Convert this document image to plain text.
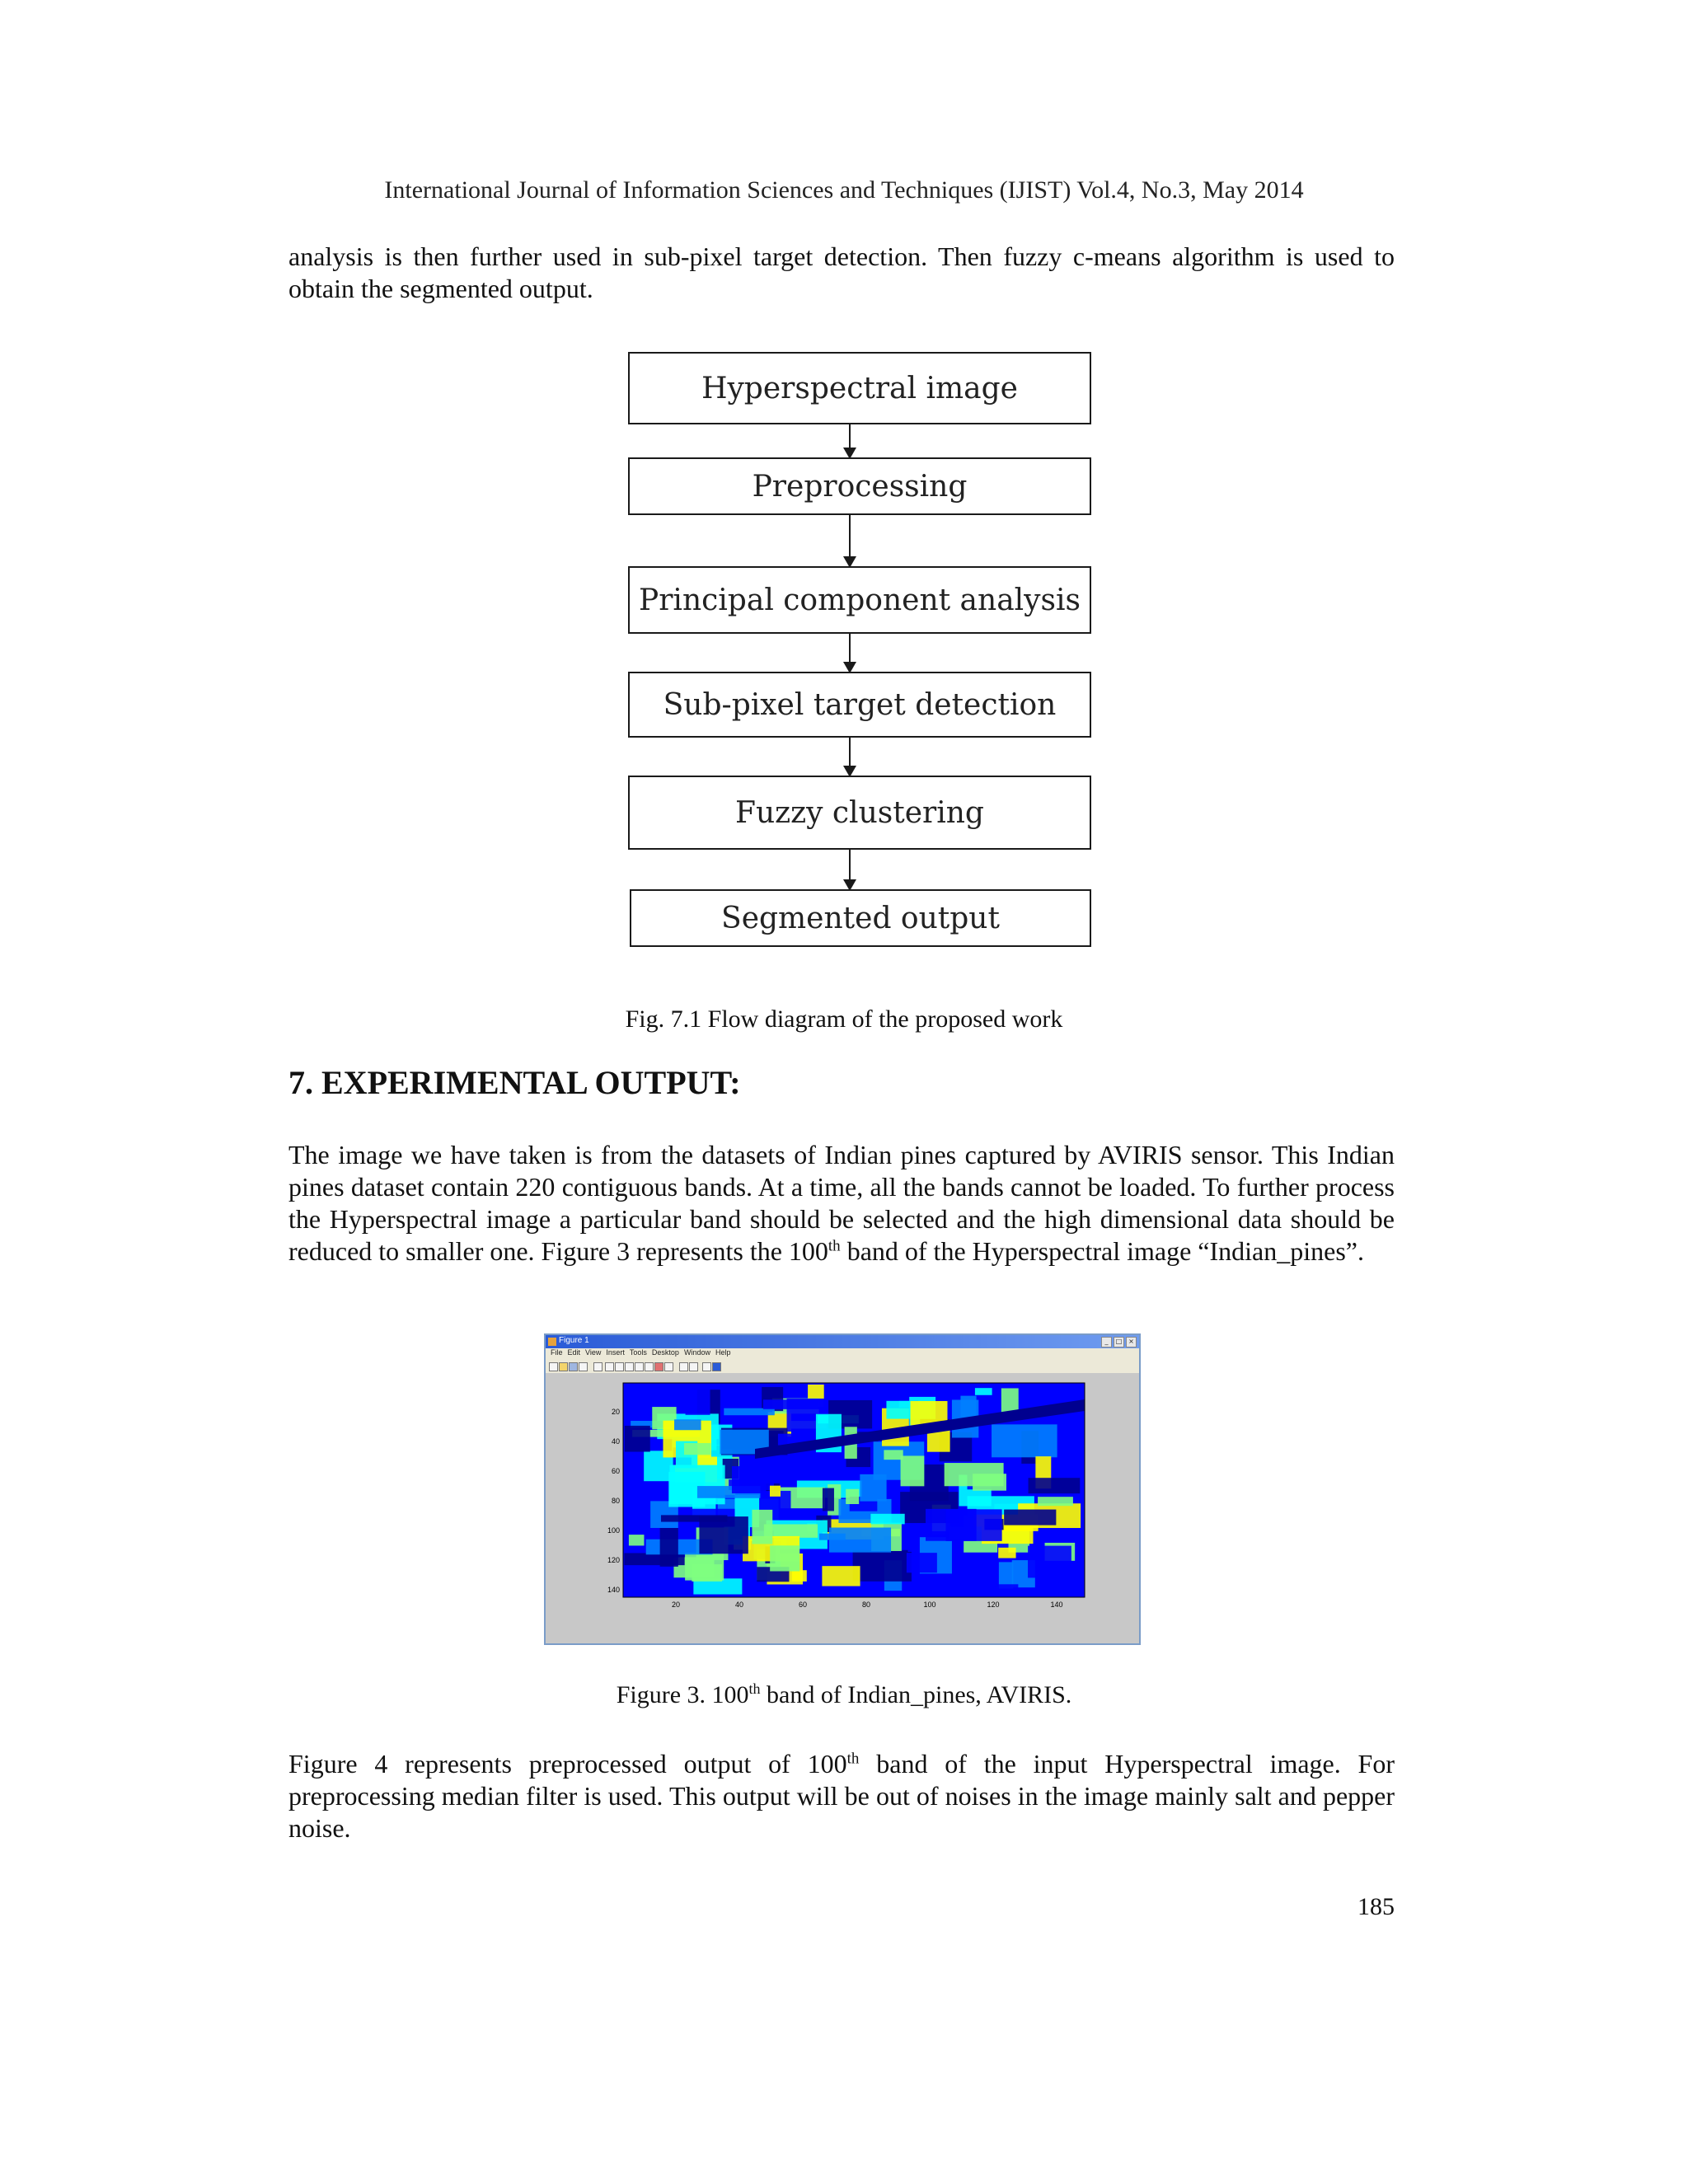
International Journal of Information Sciences and Techniques (IJIST) Vol.4, No.3, May 2014
analysis is then further used in sub-pixel target detection. Then fuzzy c-means algorithm is used to obtain the segmented output.
Hyperspectral image
Preprocessing
Principal component analysis
Sub-pixel target detection
Fuzzy clustering
Segmented output
Fig. 7.1 Flow diagram of the proposed work
7. EXPERIMENTAL OUTPUT:
The image we have taken is from the datasets of Indian pines captured by AVIRIS sensor. This Indian pines dataset contain 220 contiguous bands. At a time, all the bands cannot be loaded. To further process the Hyperspectral image a particular band should be selected and the high dimensional data should be reduced to smaller one. Figure 3 represents the 100th band of the Hyperspectral image “Indian_pines”.
Figure 1	_	□ ×
File Edit View Insert Tools Desktop Window Help
20
40
60
80
100
120
140
20	40	60	80	100	120	140
Figure 3. 100th band of Indian_pines, AVIRIS.
Figure 4 represents preprocessed output of 100th band of the input Hyperspectral image. For preprocessing median filter is used. This output will be out of noises in the image mainly salt and pepper noise.
185
